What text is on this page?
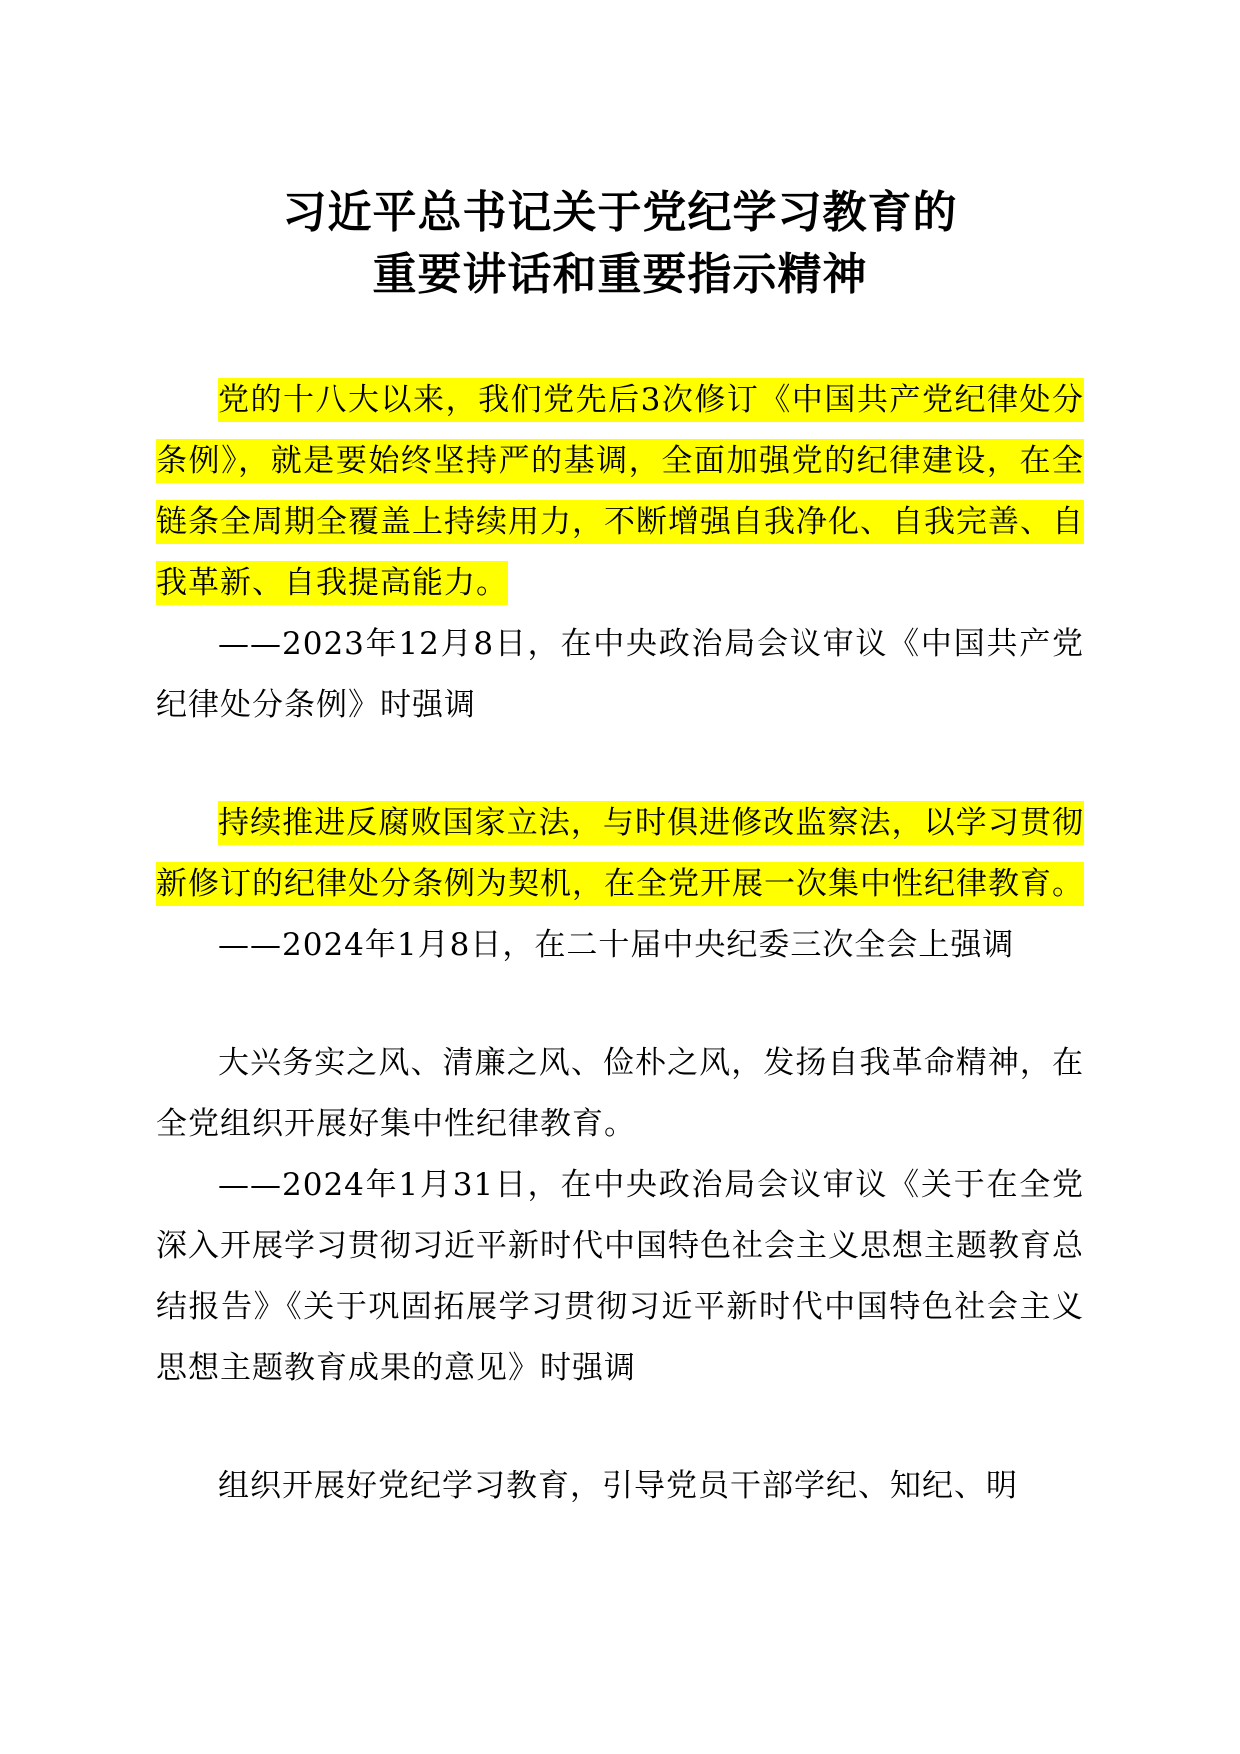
习近平总书记关于党纪学习教育的
重要讲话和重要指示精神

党的十八大以来，我们党先后3次修订《中国共产党纪律处分条例》，就是要始终坚持严的基调，全面加强党的纪律建设，在全链条全周期全覆盖上持续用力，不断增强自我净化、自我完善、自我革新、自我提高能力。

——2023年12月8日，在中央政治局会议审议《中国共产党纪律处分条例》时强调

持续推进反腐败国家立法，与时俱进修改监察法，以学习贯彻新修订的纪律处分条例为契机，在全党开展一次集中性纪律教育。

——2024年1月8日，在二十届中央纪委三次全会上强调

大兴务实之风、清廉之风、俭朴之风，发扬自我革命精神，在全党组织开展好集中性纪律教育。

——2024年1月31日，在中央政治局会议审议《关于在全党深入开展学习贯彻习近平新时代中国特色社会主义思想主题教育总结报告》《关于巩固拓展学习贯彻习近平新时代中国特色社会主义思想主题教育成果的意见》时强调

组织开展好党纪学习教育，引导党员干部学纪、知纪、明
